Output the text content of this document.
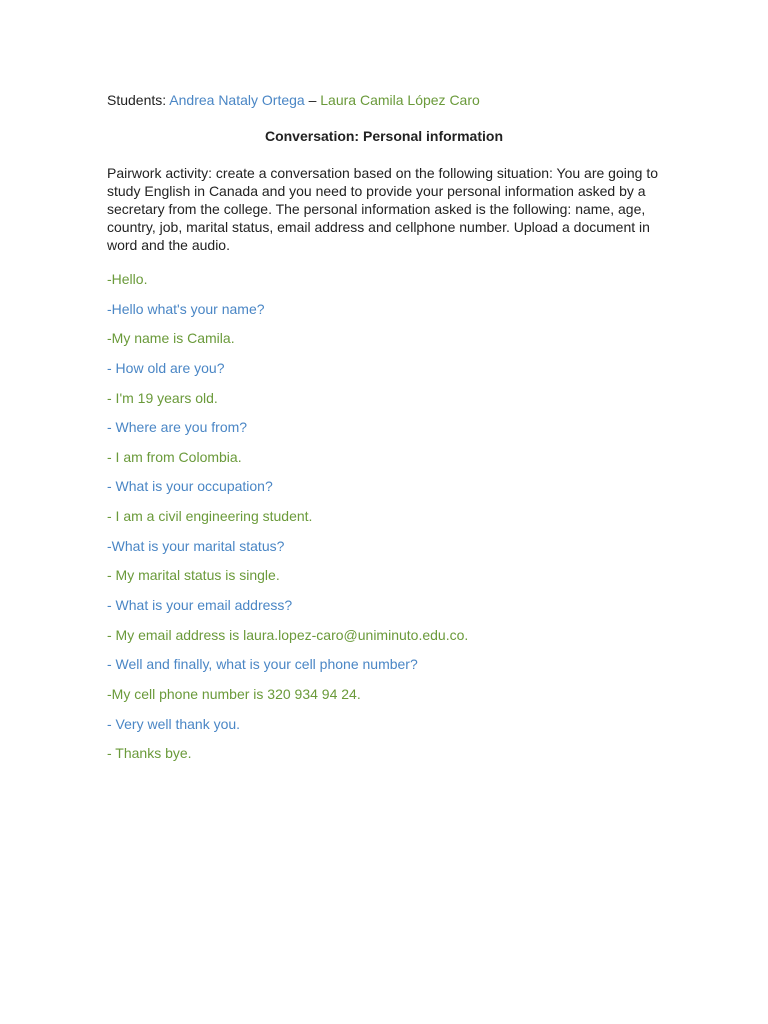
Students: Andrea Nataly Ortega – Laura Camila López Caro
Conversation: Personal information
Pairwork activity: create a conversation based on the following situation: You are going to study English in Canada and you need to provide your personal information asked by a secretary from the college. The personal information asked is the following: name, age, country, job, marital status, email address and cellphone number. Upload a document in word and the audio.
-Hello.
-Hello what's your name?
-My name is Camila.
- How old are you?
- I'm 19 years old.
- Where are you from?
- I am from Colombia.
- What is your occupation?
- I am a civil engineering student.
-What is your marital status?
- My marital status is single.
- What is your email address?
- My email address is laura.lopez-caro@uniminuto.edu.co.
- Well and finally, what is your cell phone number?
-My cell phone number is 320 934 94 24.
- Very well thank you.
- Thanks bye.
